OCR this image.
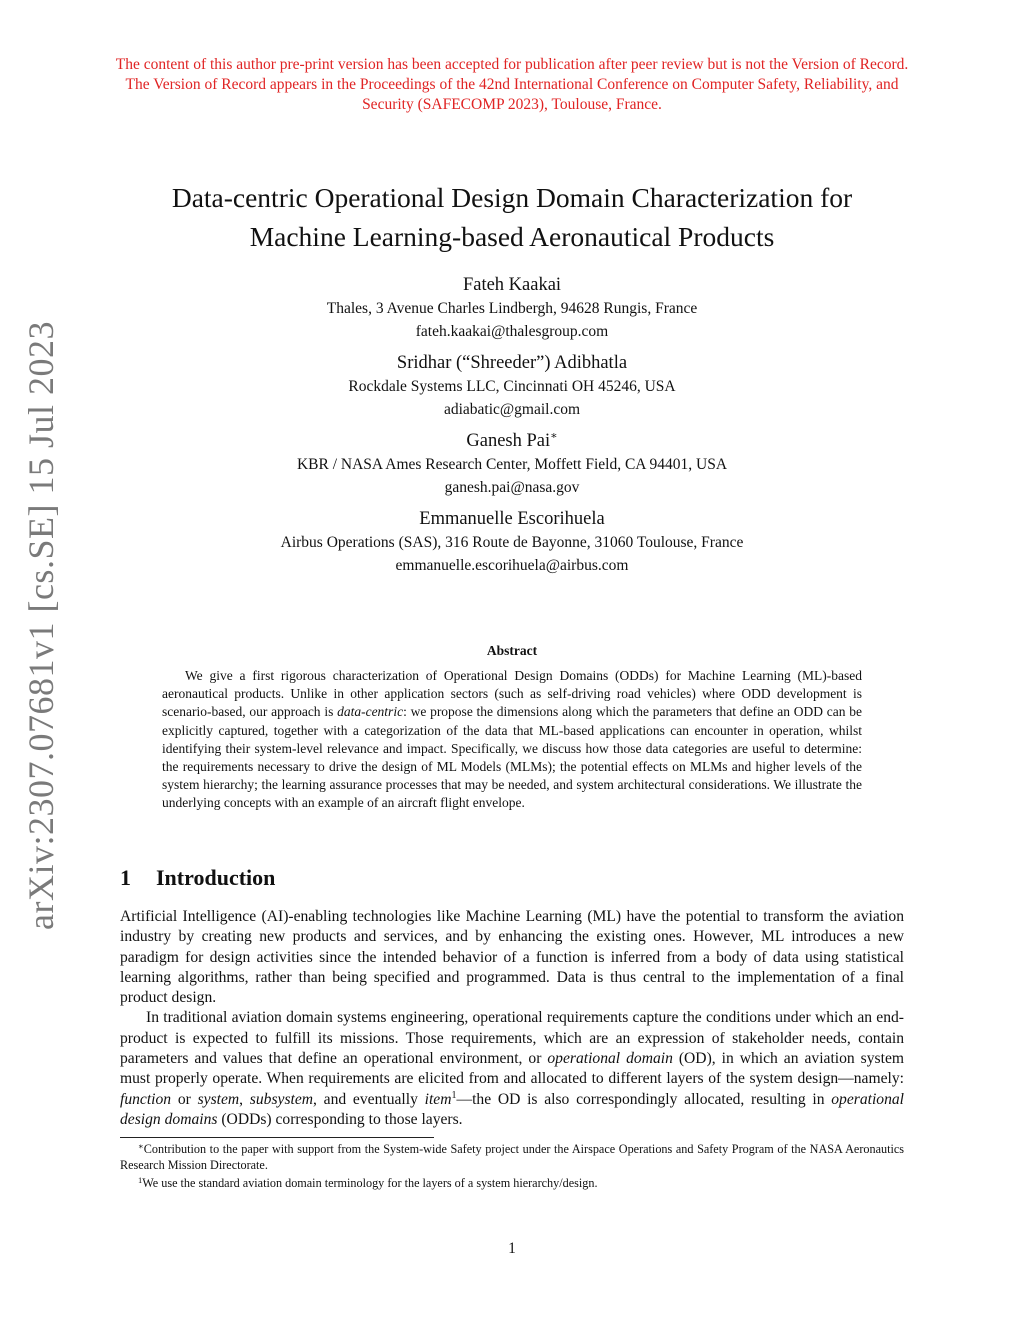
The content of this author pre-print version has been accepted for publication after peer review but is not the Version of Record. The Version of Record appears in the Proceedings of the 42nd International Conference on Computer Safety, Reliability, and Security (SAFECOMP 2023), Toulouse, France.
arXiv:2307.07681v1 [cs.SE] 15 Jul 2023
Data-centric Operational Design Domain Characterization for
Machine Learning-based Aeronautical Products
Fateh Kaakai
Thales, 3 Avenue Charles Lindbergh, 94628 Rungis, France
fateh.kaakai@thalesgroup.com
Sridhar (“Shreeder”) Adibhatla
Rockdale Systems LLC, Cincinnati OH 45246, USA
adiabatic@gmail.com
Ganesh Pai∗
KBR / NASA Ames Research Center, Moffett Field, CA 94401, USA
ganesh.pai@nasa.gov
Emmanuelle Escorihuela
Airbus Operations (SAS), 316 Route de Bayonne, 31060 Toulouse, France
emmanuelle.escorihuela@airbus.com
Abstract
We give a first rigorous characterization of Operational Design Domains (ODDs) for Machine Learning (ML)-based aeronautical products. Unlike in other application sectors (such as self-driving road vehicles) where ODD development is scenario-based, our approach is data-centric: we propose the dimensions along which the parameters that define an ODD can be explicitly captured, together with a categorization of the data that ML-based applications can encounter in operation, whilst identifying their system-level relevance and impact. Specifically, we discuss how those data categories are useful to determine: the requirements necessary to drive the design of ML Models (MLMs); the potential effects on MLMs and higher levels of the system hierarchy; the learning assurance processes that may be needed, and system architectural considerations. We illustrate the underlying concepts with an example of an aircraft flight envelope.
1 Introduction

Artificial Intelligence (AI)-enabling technologies like Machine Learning (ML) have the potential to transform the aviation industry by creating new products and services, and by enhancing the existing ones. However, ML introduces a new paradigm for design activities since the intended behavior of a function is inferred from a body of data using statistical learning algorithms, rather than being specified and programmed. Data is thus central to the implementation of a final product design.

In traditional aviation domain systems engineering, operational requirements capture the conditions under which an end-product is expected to fulfill its missions. Those requirements, which are an expression of stakeholder needs, contain parameters and values that define an operational environment, or operational domain (OD), in which an aviation system must properly operate. When requirements are elicited from and allocated to different layers of the system design—namely: function or system, subsystem, and eventually item$^1$—the OD is also correspondingly allocated, resulting in operational design domains (ODDs) corresponding to those layers.

∗Contribution to the paper with support from the System-wide Safety project under the Airspace Operations and Safety Program of the NASA Aeronautics Research Mission Directorate.

$^1$We use the standard aviation domain terminology for the layers of a system hierarchy/design.

1
